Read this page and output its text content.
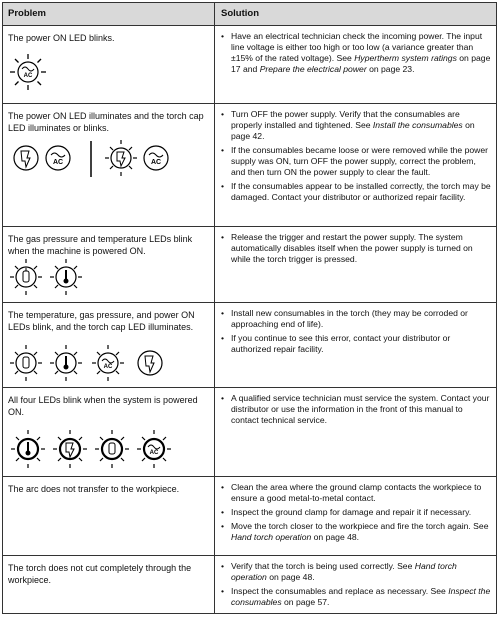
Problem	Solution
The power ON LED blinks.
AC
• Have an electrical technician check the incoming power. The input line voltage is either too high or too low (a variance greater than ±15% of the rated voltage). See Hypertherm system ratings on page 17 and Prepare the electrical power on page 23.
The power ON LED illuminates and the torch cap LED illuminates or blinks.
AC	AC
• Turn OFF the power supply. Verify that the consumables are properly installed and tightened. See Install the consumables on page 42.
• If the consumables became loose or were removed while the power supply was ON, turn OFF the power supply, correct the problem, and then turn ON the power supply to clear the fault.
• If the consumables appear to be installed correctly, the torch may be damaged. Contact your distributor or authorized repair facility.
The gas pressure and temperature LEDs blink when the machine is powered ON.
• Release the trigger and restart the power supply. The system automatically disables itself when the power supply is turned on while the torch trigger is pressed.
The temperature, gas pressure, and power ON LEDs blink, and the torch cap LED illuminates.
AC
• Install new consumables in the torch (they may be corroded or approaching end of life).
• If you continue to see this error, contact your distributor or authorized repair facility.
All four LEDs blink when the system is powered ON.
AC
• A qualified service technician must service the system. Contact your distributor or use the information in the front of this manual to contact technical service.
The arc does not transfer to the workpiece.
•	Clean the area where the ground clamp contacts the workpiece to ensure a good metal-to-metal contact.
• Inspect the ground clamp for damage and repair it if necessary.
• Move the torch closer to the workpiece and fire the torch again. See Hand torch operation on page 48.
The torch does not cut completely through the workpiece.
• Verify that the torch is being used correctly. See Hand torch operation on page 48.
• Inspect the consumables and replace as necessary. See Inspect the consumables on page 57.
